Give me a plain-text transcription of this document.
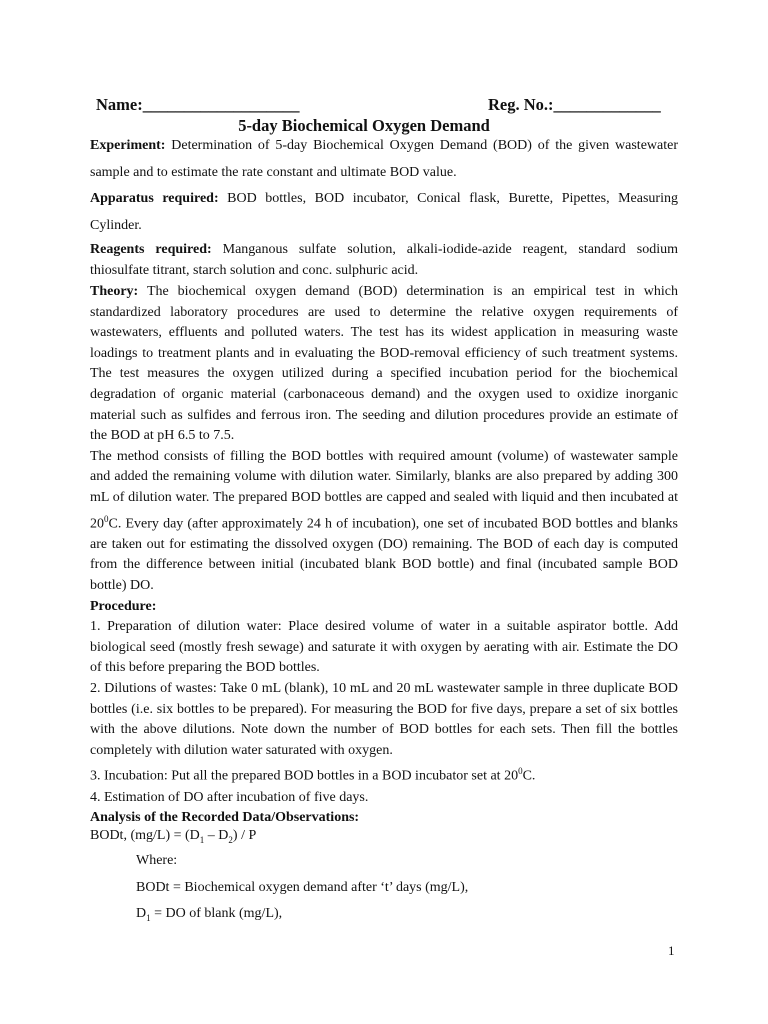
Name:___________________	Reg. No.:_____________
5-day Biochemical Oxygen Demand
Experiment: Determination of 5-day Biochemical Oxygen Demand (BOD) of the given wastewater sample and to estimate the rate constant and ultimate BOD value.
Apparatus required: BOD bottles, BOD incubator, Conical flask, Burette, Pipettes, Measuring Cylinder.
Reagents required: Manganous sulfate solution, alkali-iodide-azide reagent, standard sodium thiosulfate titrant, starch solution and conc. sulphuric acid.
Theory: The biochemical oxygen demand (BOD) determination is an empirical test in which standardized laboratory procedures are used to determine the relative oxygen requirements of wastewaters, effluents and polluted waters. The test has its widest application in measuring waste loadings to treatment plants and in evaluating the BOD-removal efficiency of such treatment systems. The test measures the oxygen utilized during a specified incubation period for the biochemical degradation of organic material (carbonaceous demand) and the oxygen used to oxidize inorganic material such as sulfides and ferrous iron. The seeding and dilution procedures provide an estimate of the BOD at pH 6.5 to 7.5.
The method consists of filling the BOD bottles with required amount (volume) of wastewater sample and added the remaining volume with dilution water. Similarly, blanks are also prepared by adding 300 mL of dilution water. The prepared BOD bottles are capped and sealed with liquid and then incubated at $20^0C$. Every day (after approximately 24 h of incubation), one set of incubated BOD bottles and blanks are taken out for estimating the dissolved oxygen (DO) remaining. The BOD of each day is computed from the difference between initial (incubated blank BOD bottle) and final (incubated sample BOD bottle) DO.
Procedure:
1. Preparation of dilution water: Place desired volume of water in a suitable aspirator bottle. Add biological seed (mostly fresh sewage) and saturate it with oxygen by aerating with air. Estimate the DO of this before preparing the BOD bottles.
2. Dilutions of wastes: Take 0 mL (blank), 10 mL and 20 mL wastewater sample in three duplicate BOD bottles (i.e. six bottles to be prepared). For measuring the BOD for five days, prepare a set of six bottles with the above dilutions. Note down the number of BOD bottles for each sets. Then fill the bottles completely with dilution water saturated with oxygen.
3. Incubation: Put all the prepared BOD bottles in a BOD incubator set at $20^0C$.
4. Estimation of DO after incubation of five days.
Analysis of the Recorded Data/Observations:
BODt, $(mg/L) = (D_1 - D_2) / P$
Where:
BODt = Biochemical oxygen demand after ‘t’ days (mg/L),
$D_1$ = DO of blank (mg/L),
1
